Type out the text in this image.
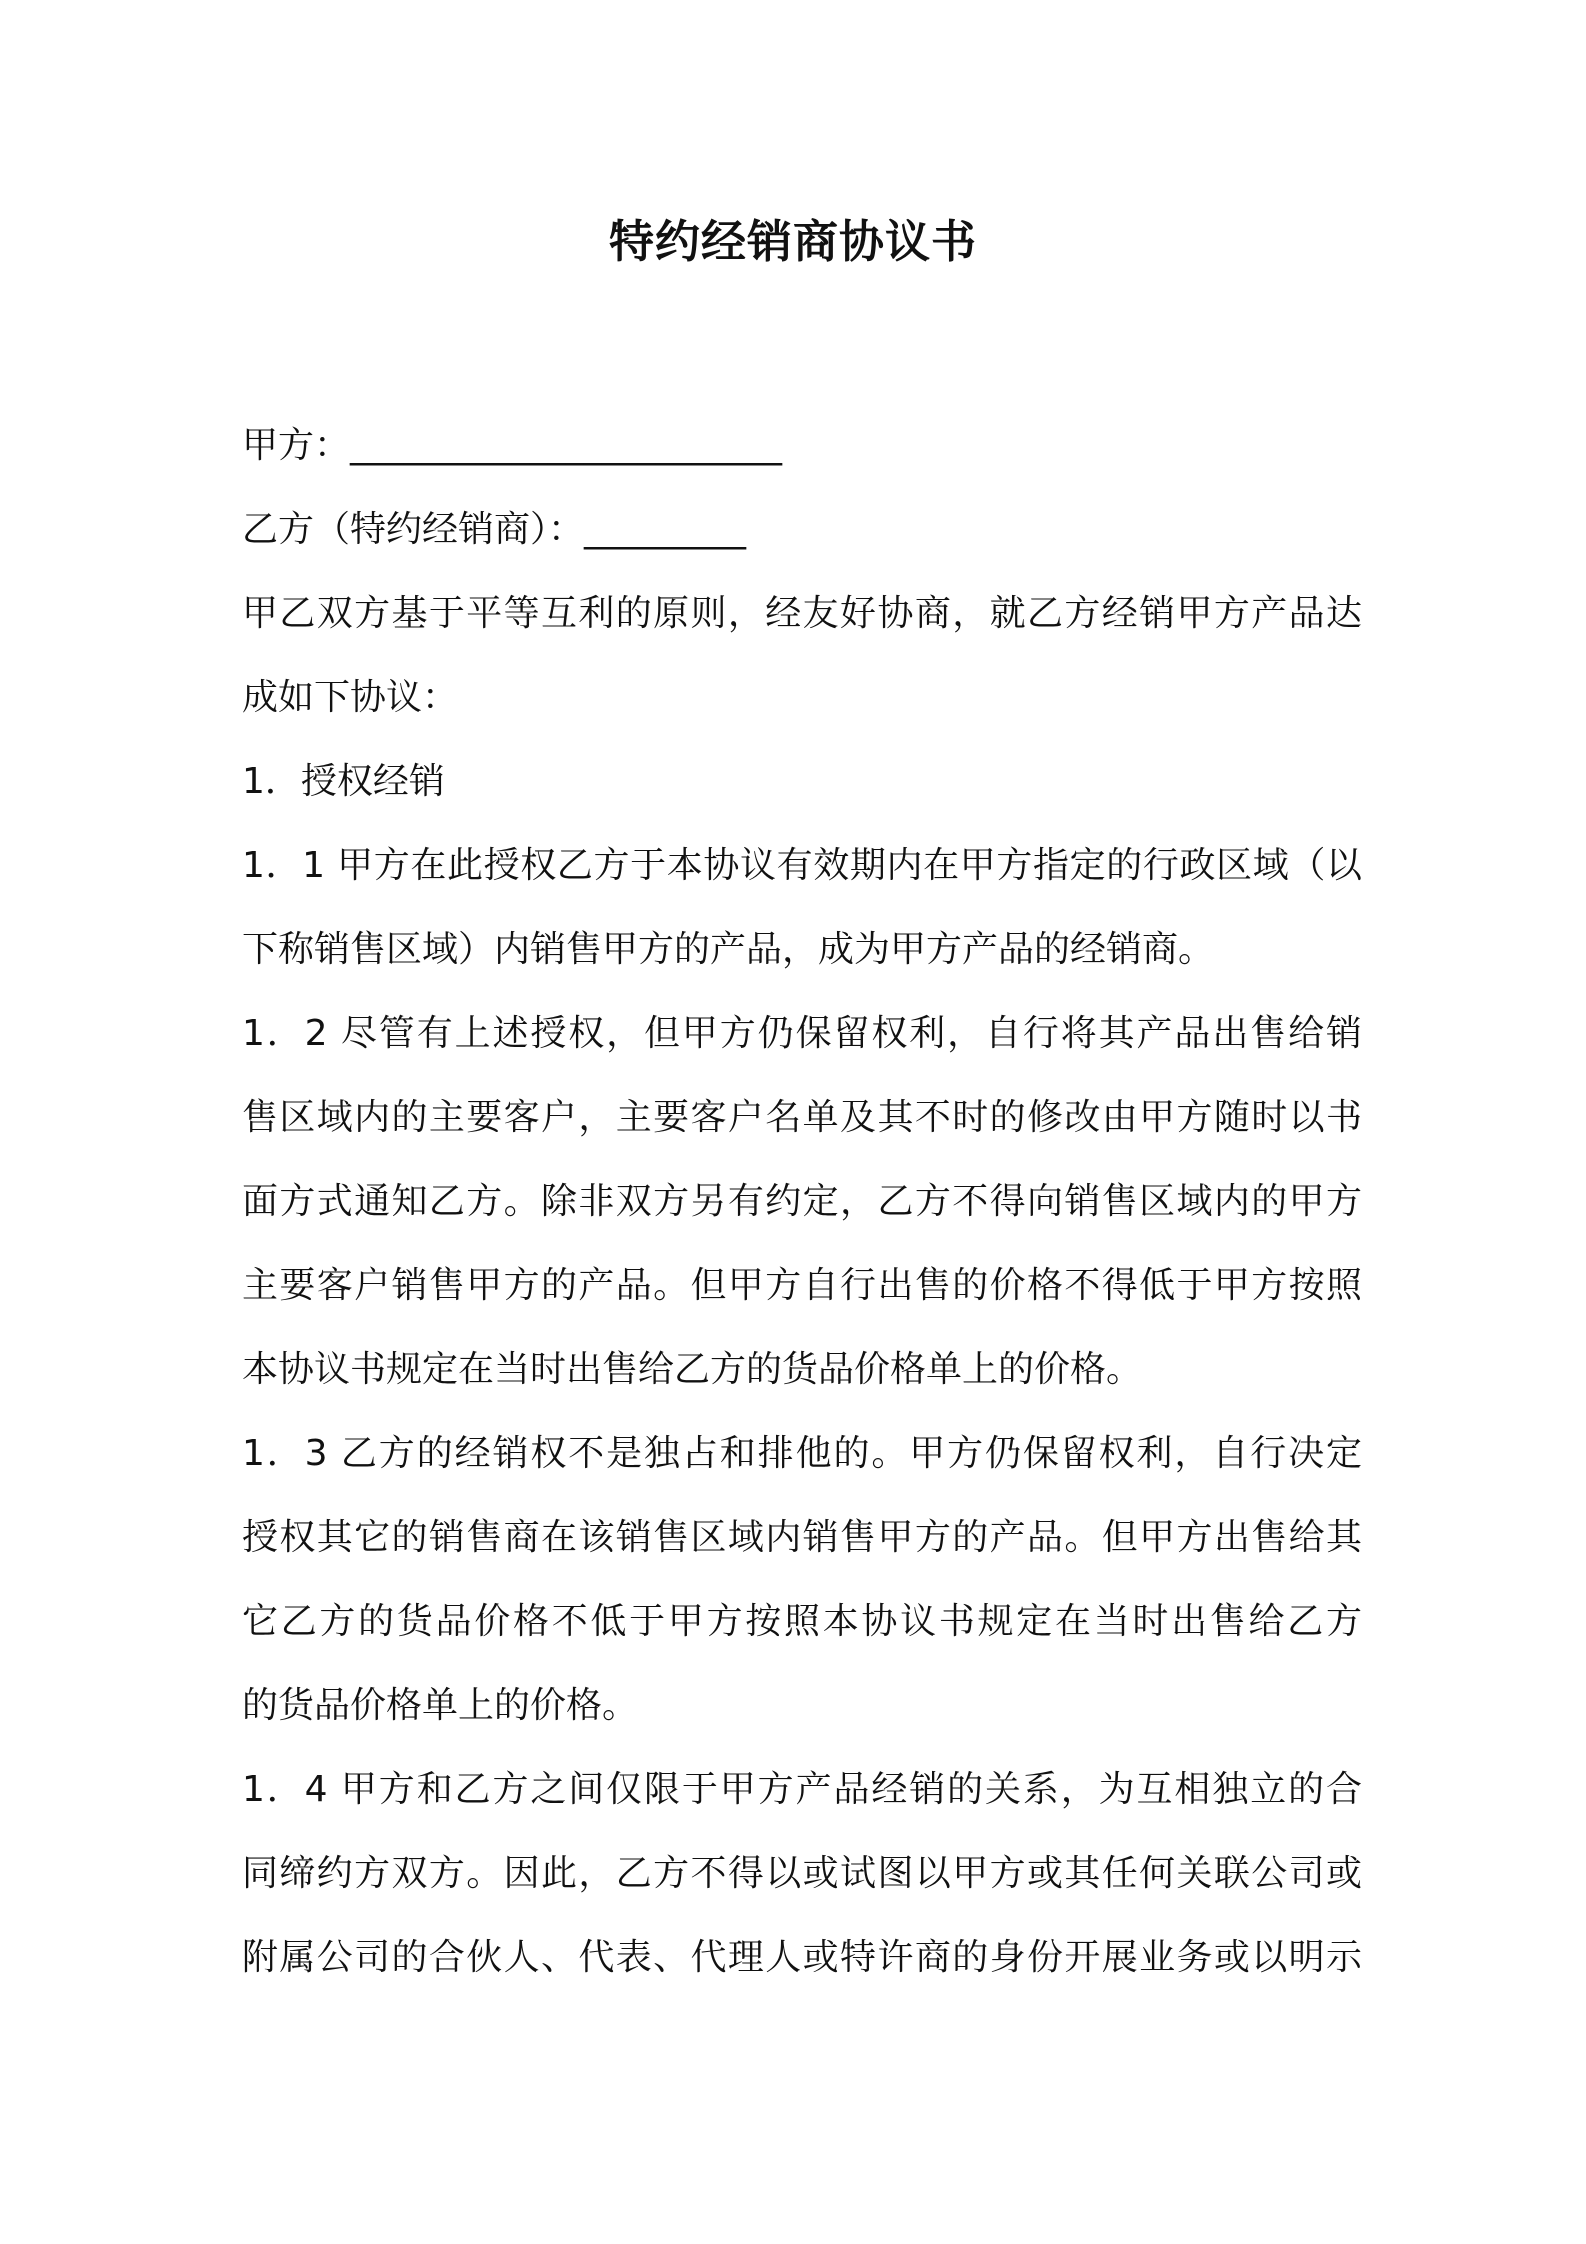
特约经销商协议书

甲方：________________________

乙方（特约经销商）：_________

甲乙双方基于平等互利的原则，经友好协商，就乙方经销甲方产品达

成如下协议：

1．授权经销

1．1 甲方在此授权乙方于本协议有效期内在甲方指定的行政区域（以

下称销售区域）内销售甲方的产品，成为甲方产品的经销商。

1．2 尽管有上述授权，但甲方仍保留权利，自行将其产品出售给销

售区域内的主要客户，主要客户名单及其不时的修改由甲方随时以书

面方式通知乙方。除非双方另有约定，乙方不得向销售区域内的甲方

主要客户销售甲方的产品。但甲方自行出售的价格不得低于甲方按照

本协议书规定在当时出售给乙方的货品价格单上的价格。

1．3 乙方的经销权不是独占和排他的。甲方仍保留权利，自行决定

授权其它的销售商在该销售区域内销售甲方的产品。但甲方出售给其

它乙方的货品价格不低于甲方按照本协议书规定在当时出售给乙方

的货品价格单上的价格。

1．4 甲方和乙方之间仅限于甲方产品经销的关系，为互相独立的合

同缔约方双方。因此，乙方不得以或试图以甲方或其任何关联公司或

附属公司的合伙人、代表、代理人或特许商的身份开展业务或以明示
